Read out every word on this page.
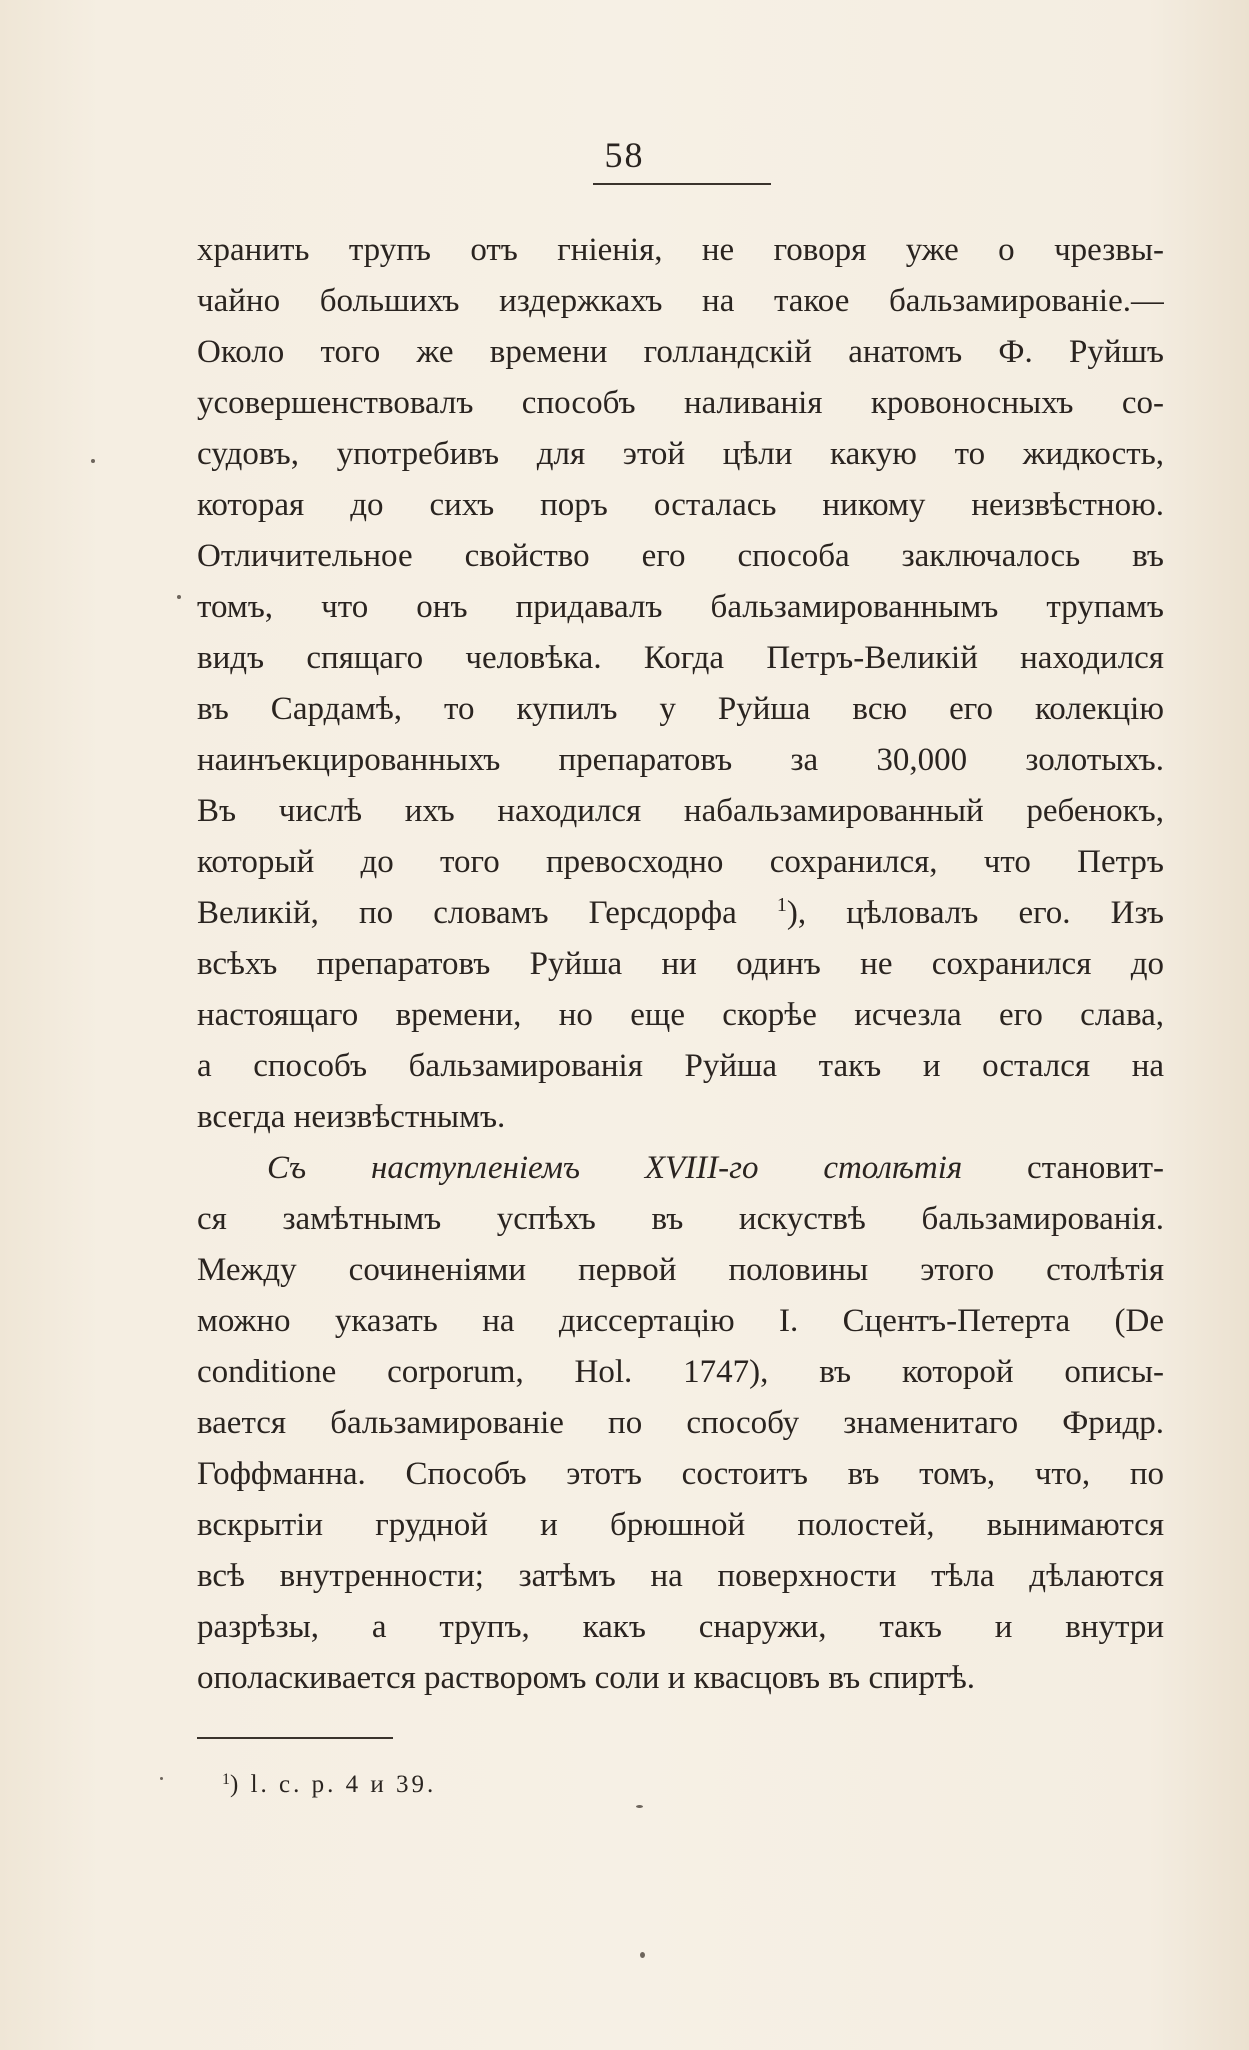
58
хранить трупъ отъ гніенія, не говоря уже о чрезвы-
чайно большихъ издержкахъ на такое бальзамированіе.—
Около того же времени голландскій анатомъ Ф. Руйшъ
усовершенствовалъ способъ наливанія кровоносныхъ со-
судовъ, употребивъ для этой цѣли какую то жидкость,
которая до сихъ поръ осталась никому неизвѣстною.
Отличительное свойство его способа заключалось въ
томъ, что онъ придавалъ бальзамированнымъ трупамъ
видъ спящаго человѣка. Когда Петръ-Великій находился
въ Сардамѣ, то купилъ у Руйша всю его колекцію
наинъекцированныхъ препаратовъ за 30,000 золотыхъ.
Въ числѣ ихъ находился набальзамированный ребенокъ,
который до того превосходно сохранился, что Петръ
Великій, по словамъ Герсдорфа $^1$), цѣловалъ его. Изъ
всѣхъ препаратовъ Руйша ни одинъ не сохранился до
настоящаго времени, но еще скорѣе исчезла его слава,
а способъ бальзамированія Руйша такъ и остался на
всегда неизвѣстнымъ.
Съ наступленіемъ XVIII-го столѣтія становит-
ся замѣтнымъ успѣхъ въ искуствѣ бальзамированія.
Между сочиненіями первой половины этого столѣтія
можно указать на диссертацію I. Сцентъ-Петерта (De
conditione corporum, Hol. 1747), въ которой описы-
вается бальзамированіе по способу знаменитаго Фридр.
Гоффманна. Способъ этотъ состоитъ въ томъ, что, по
вскрытіи грудной и брюшной полостей, вынимаются
всѣ внутренности; затѣмъ на поверхности тѣла дѣлаются
разрѣзы, а трупъ, какъ снаружи, такъ и внутри
ополаскивается растворомъ соли и квасцовъ въ спиртѣ.
$^1$) l. c. p. 4 и 39.
